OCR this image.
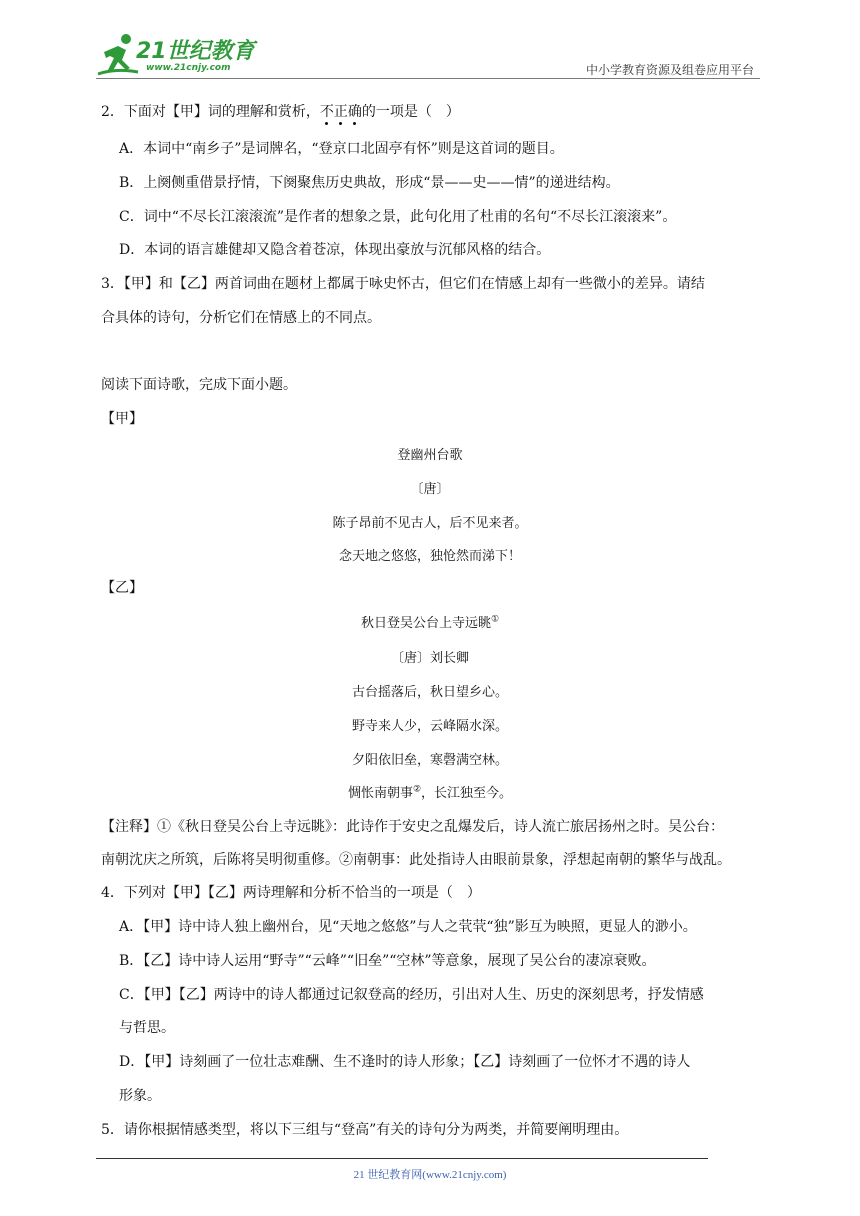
21世纪教育
www.21cnjy.com	中小学教育资源及组卷应用平台
2．下面对【甲】词的理解和赏析，不正确的一项是（　）
A．本词中“南乡子”是词牌名，“登京口北固亭有怀”则是这首词的题目。
B．上阕侧重借景抒情，下阕聚焦历史典故，形成“景——史——情”的递进结构。
C．词中“不尽长江滚滚流”是作者的想象之景，此句化用了杜甫的名句“不尽长江滚滚来”。
D．本词的语言雄健却又隐含着苍凉，体现出豪放与沉郁风格的结合。
3．【甲】和【乙】两首词曲在题材上都属于咏史怀古，但它们在情感上却有一些微小的差异。请结
合具体的诗句，分析它们在情感上的不同点。
阅读下面诗歌，完成下面小题。
【甲】
登幽州台歌
〔唐〕
陈子昂前不见古人，后不见来者。
念天地之悠悠，独怆然而涕下！
【乙】
秋日登吴公台上寺远眺①
〔唐〕刘长卿
古台摇落后，秋日望乡心。
野寺来人少，云峰隔水深。
夕阳依旧垒，寒磬满空林。
惆怅南朝事②，长江独至今。
【注释】①《秋日登吴公台上寺远眺》：此诗作于安史之乱爆发后，诗人流亡旅居扬州之时。吴公台：
南朝沈庆之所筑，后陈将吴明彻重修。②南朝事：此处指诗人由眼前景象，浮想起南朝的繁华与战乱。
4．下列对【甲】【乙】两诗理解和分析不恰当的一项是（　）
A．【甲】诗中诗人独上幽州台，见“天地之悠悠”与人之茕茕“独”影互为映照，更显人的渺小。
B．【乙】诗中诗人运用“野寺”“云峰”“旧垒”“空林”等意象，展现了吴公台的凄凉衰败。
C．【甲】【乙】两诗中的诗人都通过记叙登高的经历，引出对人生、历史的深刻思考，抒发情感
与哲思。
D．【甲】诗刻画了一位壮志难酬、生不逢时的诗人形象；【乙】诗刻画了一位怀才不遇的诗人
形象。
5．请你根据情感类型，将以下三组与“登高”有关的诗句分为两类，并简要阐明理由。
21 世纪教育网(www.21cnjy.com)
